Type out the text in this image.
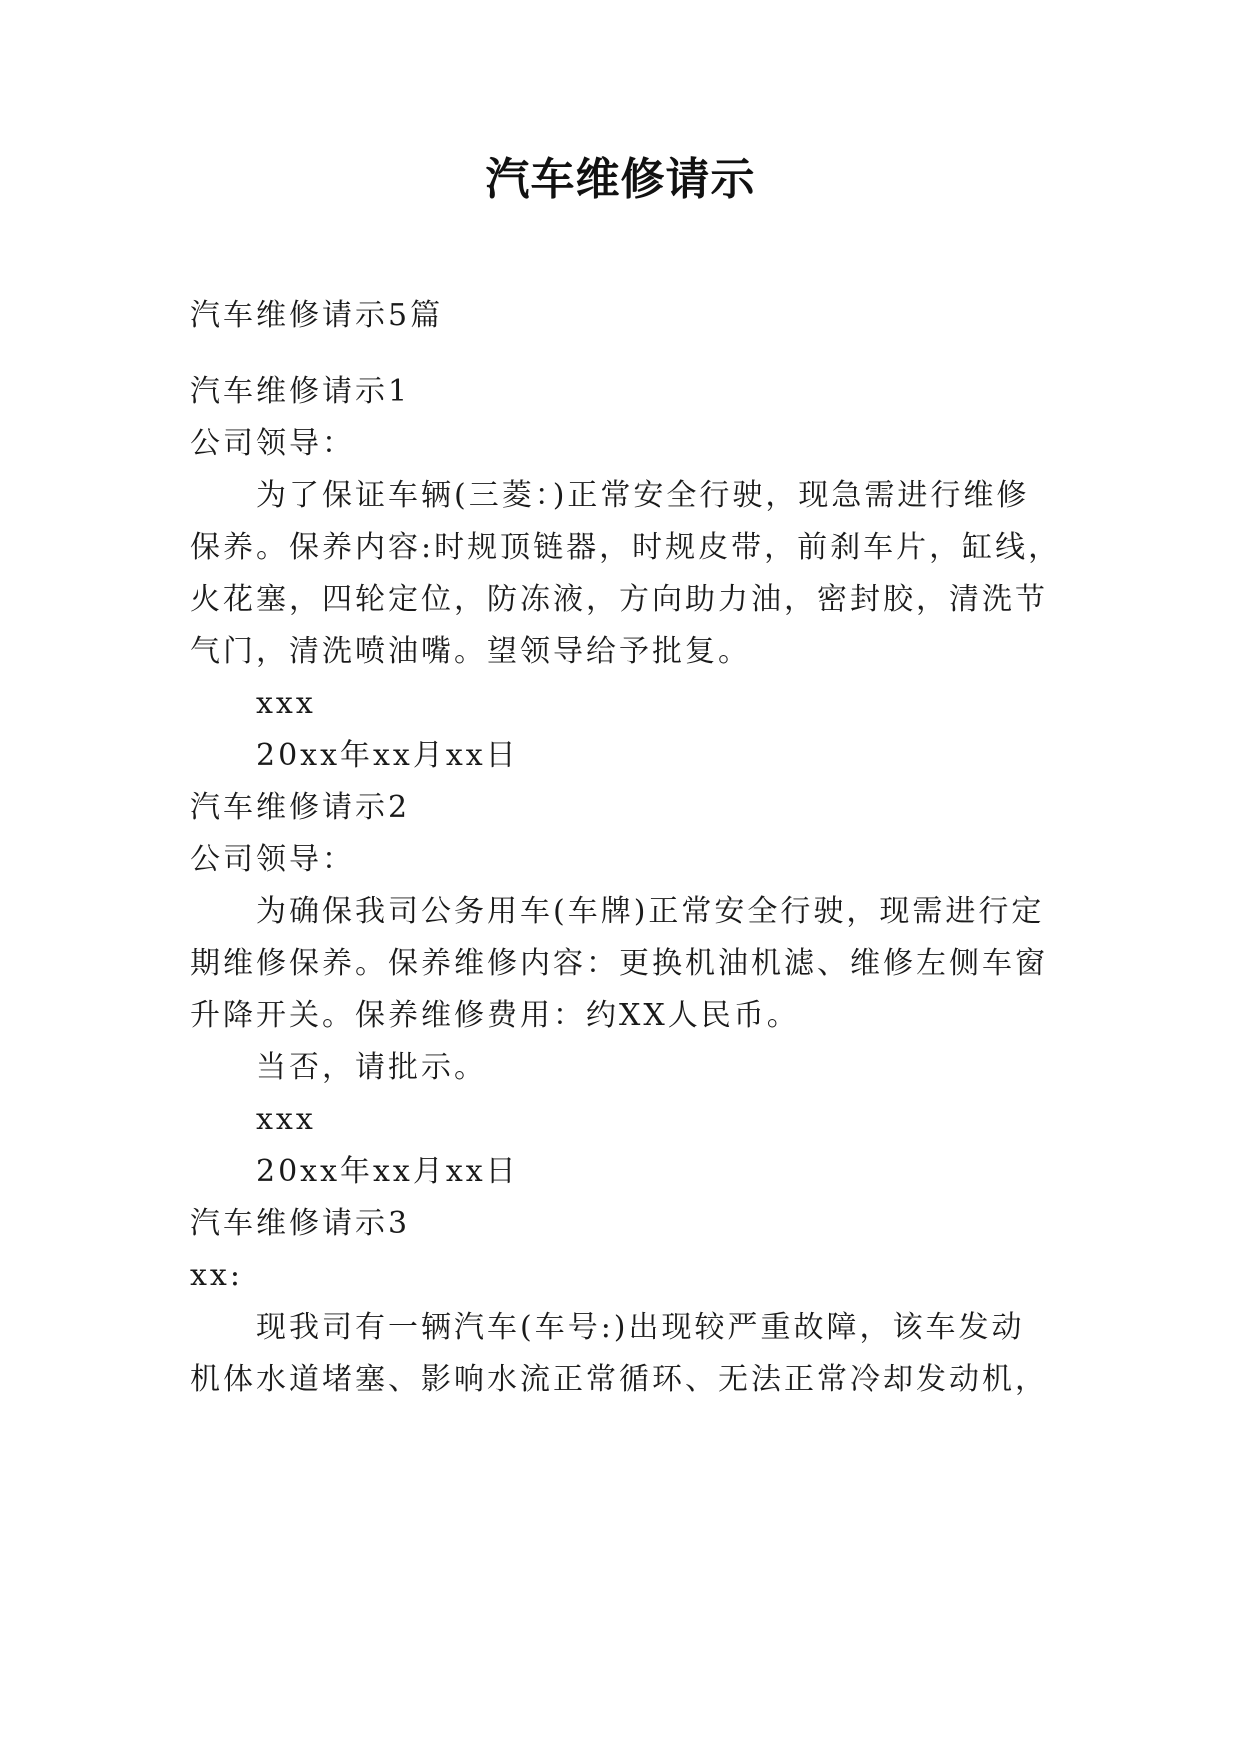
汽车维修请示
汽车维修请示5篇
汽车维修请示1
公司领导：
为了保证车辆(三菱：)正常安全行驶，现急需进行维修
保养。保养内容:时规顶链器，时规皮带，前刹车片，缸线，
火花塞，四轮定位，防冻液，方向助力油，密封胶，清洗节
气门，清洗喷油嘴。望领导给予批复。
xxx
20xx年xx月xx日
汽车维修请示2
公司领导：
为确保我司公务用车(车牌)正常安全行驶，现需进行定
期维修保养。保养维修内容：更换机油机滤、维修左侧车窗
升降开关。保养维修费用：约XX人民币。
当否，请批示。
xxx
20xx年xx月xx日
汽车维修请示3
xx:
现我司有一辆汽车(车号:)出现较严重故障，该车发动
机体水道堵塞、影响水流正常循环、无法正常冷却发动机，
